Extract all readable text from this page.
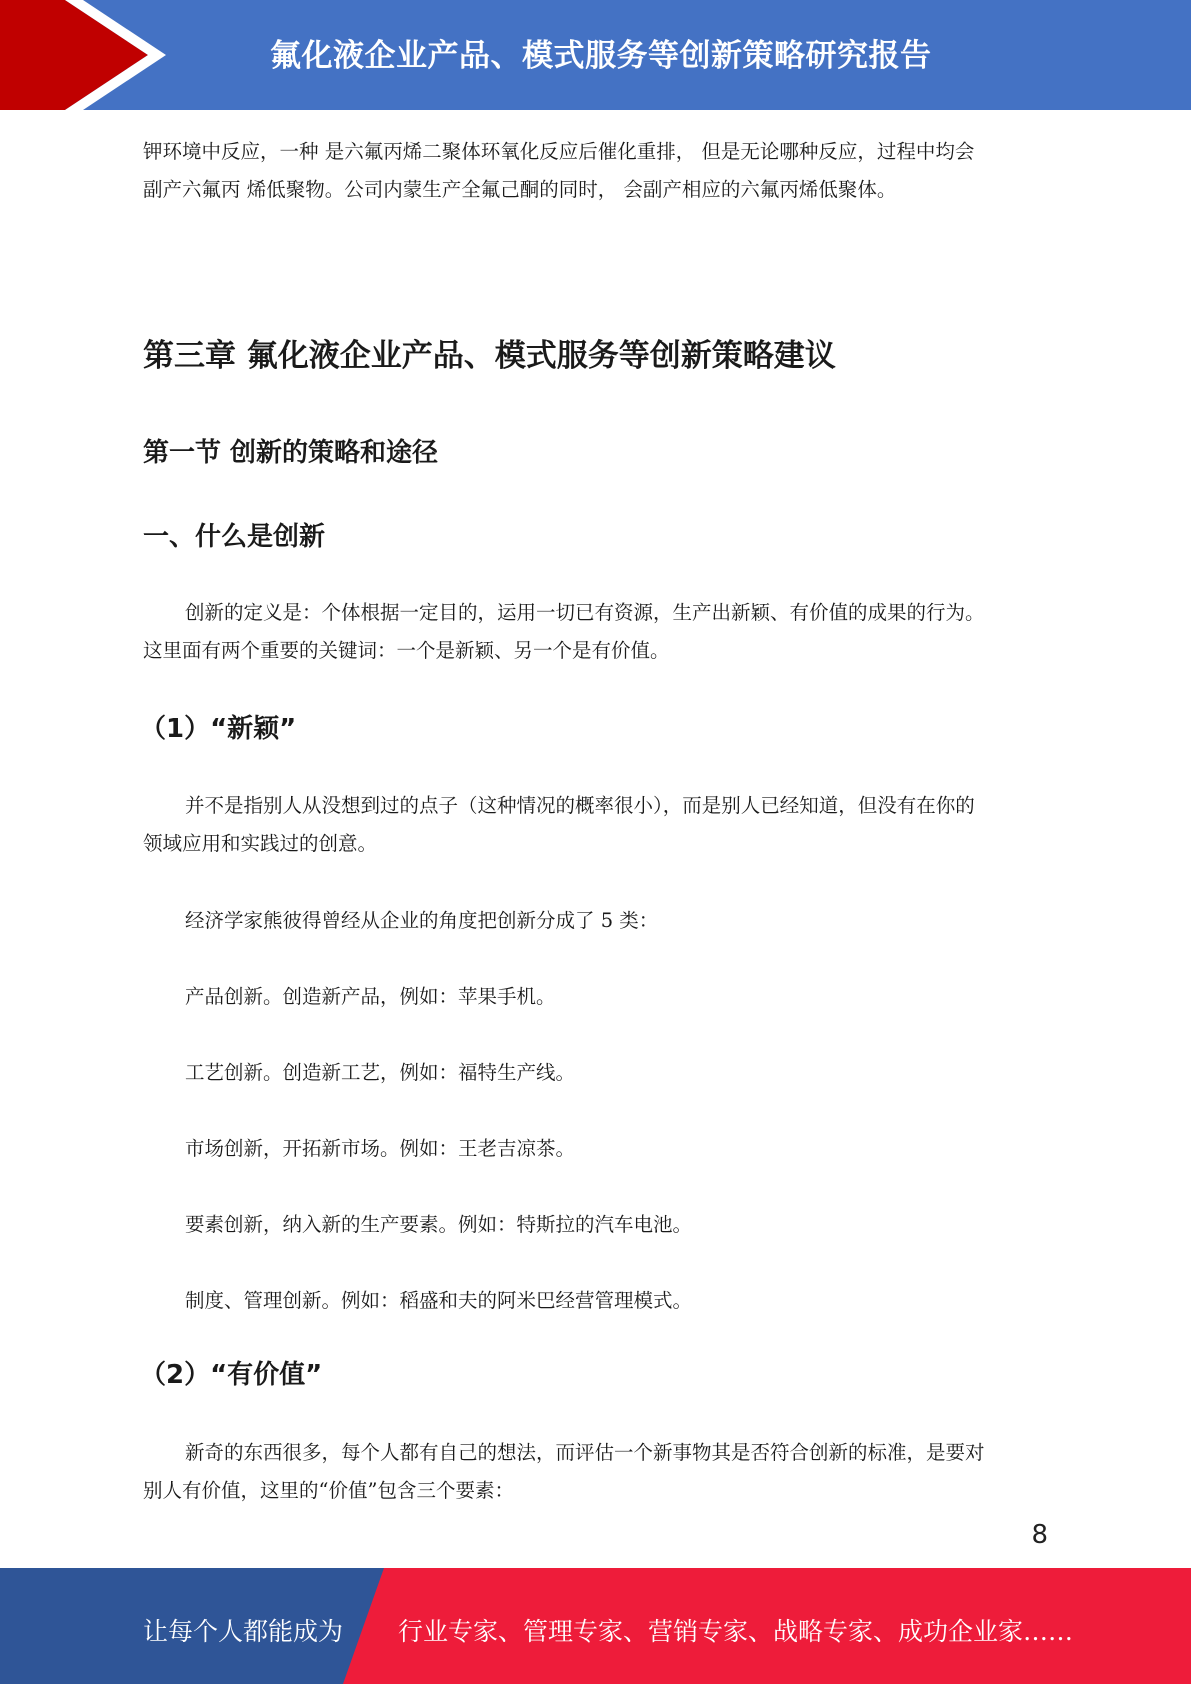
氟化液企业产品、模式服务等创新策略研究报告
钾环境中反应，一种 是六氟丙烯二聚体环氧化反应后催化重排， 但是无论哪种反应，过程中均会
副产六氟丙 烯低聚物。公司内蒙生产全氟己酮的同时， 会副产相应的六氟丙烯低聚体。
第三章 氟化液企业产品、模式服务等创新策略建议
第一节 创新的策略和途径
一、什么是创新
创新的定义是：个体根据一定目的，运用一切已有资源，生产出新颖、有价值的成果的行为。
这里面有两个重要的关键词：一个是新颖、另一个是有价值。
（1）“新颖”
并不是指别人从没想到过的点子（这种情况的概率很小），而是别人已经知道，但没有在你的
领域应用和实践过的创意。
经济学家熊彼得曾经从企业的角度把创新分成了 5 类：
产品创新。创造新产品，例如：苹果手机。
工艺创新。创造新工艺，例如：福特生产线。
市场创新，开拓新市场。例如：王老吉凉茶。
要素创新，纳入新的生产要素。例如：特斯拉的汽车电池。
制度、管理创新。例如：稻盛和夫的阿米巴经营管理模式。
（2）“有价值”
新奇的东西很多，每个人都有自己的想法，而评估一个新事物其是否符合创新的标准，是要对
别人有价值，这里的“价值”包含三个要素：
8
让每个人都能成为 行业专家、管理专家、营销专家、战略专家、成功企业家……
